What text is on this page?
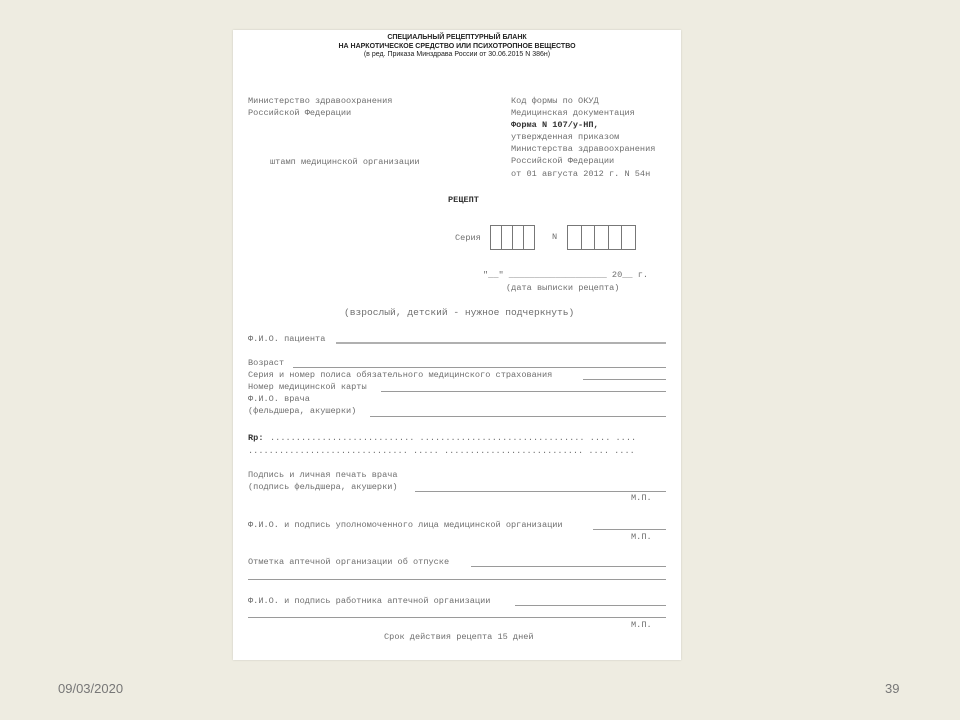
СПЕЦИАЛЬНЫЙ РЕЦЕПТУРНЫЙ БЛАНК
НА НАРКОТИЧЕСКОЕ СРЕДСТВО ИЛИ ПСИХОТРОПНОЕ ВЕЩЕСТВО
(в ред. Приказа Минздрава России от 30.06.2015 N 386н)
Министерство здравоохранения
Российской Федерации
штамп медицинской организации
Код формы по ОКУД
Медицинская документация
Форма N 107/у-НП,
утвержденная приказом
Министерства здравоохранения
Российской Федерации
от 01 августа 2012 г. N 54н
РЕЦЕПТ
Серия	N
"__" ___________________ 20__ г.
(дата выписки рецепта)
(взрослый, детский - нужное подчеркнуть)
Ф.И.О. пациента
Возраст
Серия и номер полиса обязательного медицинского страхования
Номер медицинской карты
Ф.И.О. врача
(фельдшера, акушерки)
Rp: ............................ ................................ .... ....
............................... ..... ........................... .... ....
Подпись и личная печать врача
(подпись фельдшера, акушерки)
М.П.
Ф.И.О. и подпись уполномоченного лица медицинской организации
М.П.
Отметка аптечной организации об отпуске
Ф.И.О. и подпись работника аптечной организации
М.П.
Срок действия рецепта 15 дней
09/03/2020	39
